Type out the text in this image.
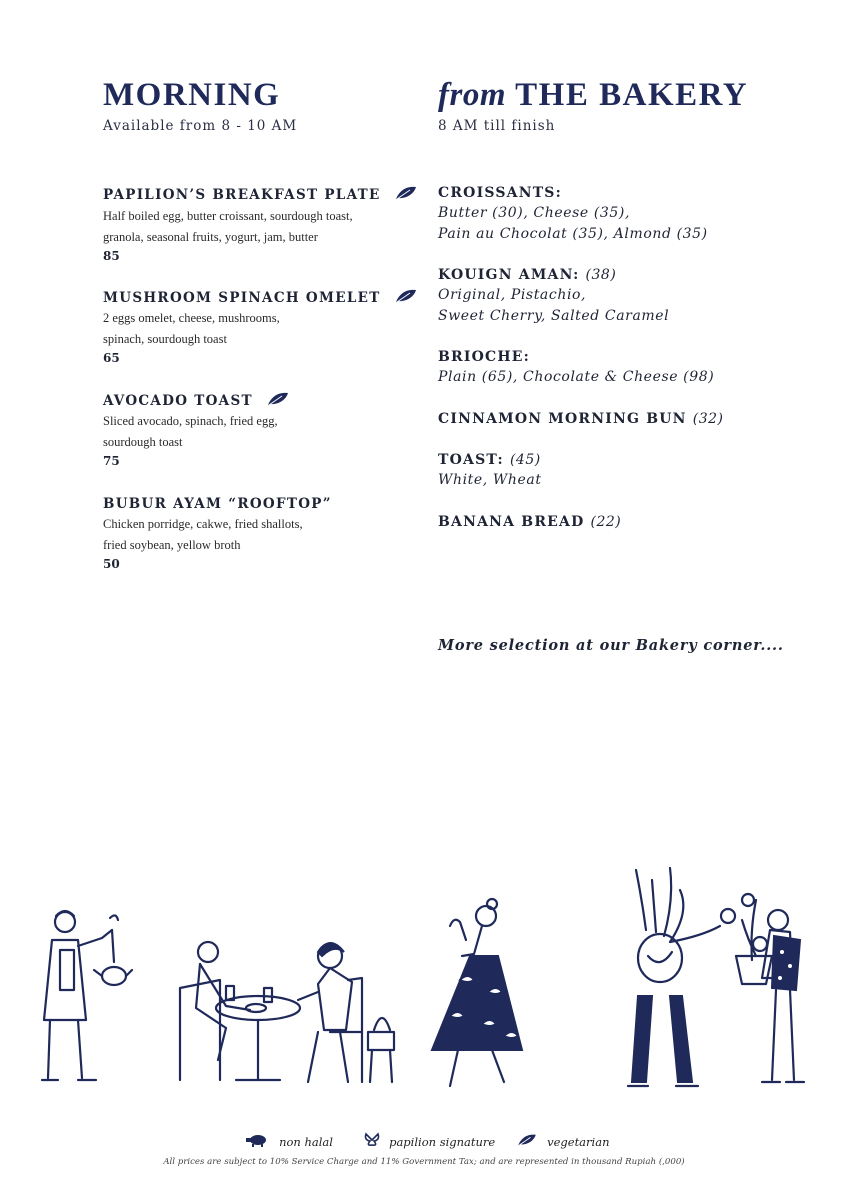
MORNING
Available from 8 - 10 AM
PAPILION’S BREAKFAST PLATE
Half boiled egg, butter croissant, sourdough toast,
granola, seasonal fruits, yogurt, jam, butter
85
MUSHROOM SPINACH OMELET
2 eggs omelet, cheese, mushrooms,
spinach, sourdough toast
65
AVOCADO TOAST
Sliced avocado, spinach, fried egg,
sourdough toast
75
BUBUR AYAM “ROOFTOP”
Chicken porridge, cakwe, fried shallots,
fried soybean, yellow broth
50
from THE BAKERY
8 AM till finish
CROISSANTS:
Butter (30), Cheese (35),
Pain au Chocolat (35), Almond (35)
KOUIGN AMAN: (38)
Original, Pistachio,
Sweet Cherry, Salted Caramel
BRIOCHE:
Plain (65), Chocolate & Cheese (98)
CINNAMON MORNING BUN (32)
TOAST: (45)
White, Wheat
BANANA BREAD (22)
More selection at our Bakery corner....
non halal	papilion signature	vegetarian
All prices are subject to 10% Service Charge and 11% Government Tax; and are represented in thousand Rupiah (,000)
